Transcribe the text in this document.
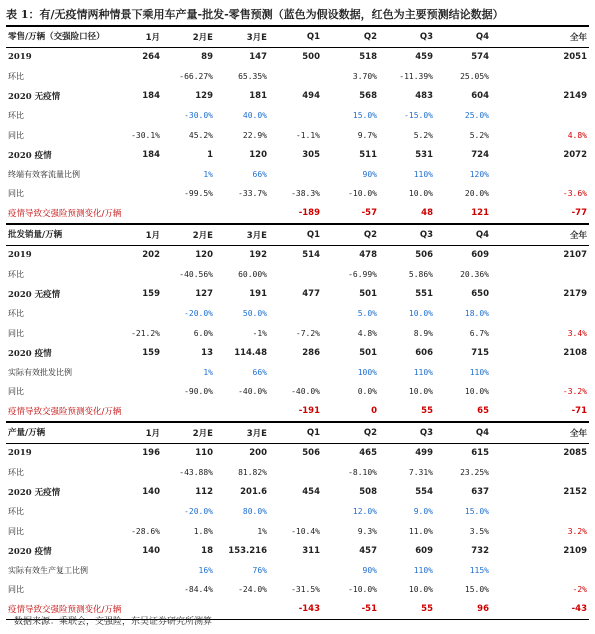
表 1：有/无疫情两种情景下乘用车产量-批发-零售预测（蓝色为假设数据，红色为主要预测结论数据）
零售/万辆（交强险口径）	1月	2月E	3月E	Q1	Q2	Q3	Q4	全年
2019	264	89	147	500	518	459	574	2051
环比		-66.27%	65.35%		3.70%	-11.39%	25.05%	
2020 无疫情	184	129	181	494	568	483	604	2149
环比		-30.0%	40.0%		15.0%	-15.0%	25.0%	
同比	-30.1%	45.2%	22.9%	-1.1%	9.7%	5.2%	5.2%	4.8%
2020 疫情	184	1	120	305	511	531	724	2072
终端有效客流量比例		1%	66%		90%	110%	120%	
同比		-99.5%	-33.7%	-38.3%	-10.0%	10.0%	20.0%	-3.6%
疫情导致交强险预测变化/万辆				-189	-57	48	121	-77
批发销量/万辆	1月	2月E	3月E	Q1	Q2	Q3	Q4	全年
2019	202	120	192	514	478	506	609	2107
环比		-40.56%	60.00%		-6.99%	5.86%	20.36%	
2020 无疫情	159	127	191	477	501	551	650	2179
环比		-20.0%	50.0%		5.0%	10.0%	18.0%	
同比	-21.2%	6.0%	-1%	-7.2%	4.8%	8.9%	6.7%	3.4%
2020 疫情	159	13	114.48	286	501	606	715	2108
实际有效批发比例		1%	66%		100%	110%	110%	
同比		-90.0%	-40.0%	-40.0%	0.0%	10.0%	10.0%	-3.2%
疫情导致交强险预测变化/万辆				-191	0	55	65	-71
产量/万辆	1月	2月E	3月E	Q1	Q2	Q3	Q4	全年
2019	196	110	200	506	465	499	615	2085
环比		-43.88%	81.82%		-8.10%	7.31%	23.25%	
2020 无疫情	140	112	201.6	454	508	554	637	2152
环比		-20.0%	80.0%		12.0%	9.0%	15.0%	
同比	-28.6%	1.8%	1%	-10.4%	9.3%	11.0%	3.5%	3.2%
2020 疫情	140	18	153.216	311	457	609	732	2109
实际有效生产复工比例		16%	76%		90%	110%	115%	
同比		-84.4%	-24.0%	-31.5%	-10.0%	10.0%	15.0%	-2%
疫情导致交强险预测变化/万辆				-143	-51	55	96	-43
数据来源：乘联会，交强险，东吴证券研究所测算
